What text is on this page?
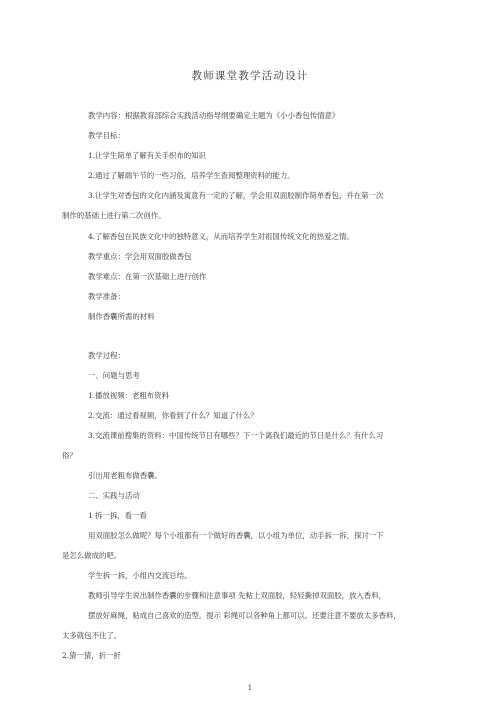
教师课堂教学活动设计
教学内容：根据教育部综合实践活动指导纲要确定主题为《小小香包传情意》
教学目标：
1.让学生简单了解有关手织布的知识
2.通过了解端午节的一些习俗，培养学生查阅整理资料的能力。
3.让学生对香包的文化内涵及寓意有一定的了解，学会用双面胶制作简单香包，并在第一次
制作的基础上进行第二次创作。
4.了解香包在民族文化中的独特意义，从而培养学生对祖国传统文化的热爱之情。
教学重点：学会用双面胶做香包
教学难点：在第一次基础上进行创作
教学准备：
制作香囊所需的材料
教学过程：
一、问题与思考
1.播放视频：老粗布资料
2.交流：通过看视频，你看到了什么？知道了什么？
3.交流课前搜集的资料：中国传统节日有哪些？下一个离我们最近的节日是什么？有什么习
俗？
引出用老粗布做香囊。
二、实践与活动
1 拆一拆，看一看
用双面胶怎么做呢？每个小组都有一个做好的香囊，以小组为单位，动手拆一拆，探讨一下
是怎么做成的吧。
学生拆一拆，小组内交流总结。
教师引导学生说出制作香囊的步骤和注意事项 先粘上双面胶，轻轻撕掉双面胶，放入香料，
摆放好麻绳，粘成自己喜欢的造型。提示 彩绳可以各种角上都可以。还要注意不要放太多香料，
太多就包不住了。
2.猜一猜，折一折
1
